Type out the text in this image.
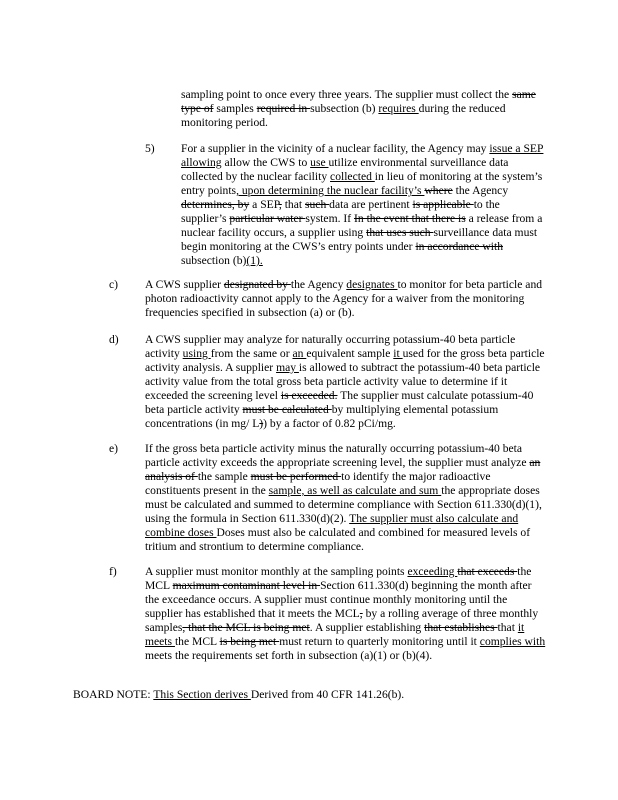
sampling point to once every three years. The supplier must collect the same type of samples required in subsection (b) requires during the reduced monitoring period.

5) For a supplier in the vicinity of a nuclear facility, the Agency may issue a SEP allowing allow the CWS to use utilize environmental surveillance data collected by the nuclear facility collected in lieu of monitoring at the system’s entry points, upon determining the nuclear facility’s where the Agency determines, by a SEP, that such data are pertinent is applicable to the supplier’s particular water system. If In the event that there is a release from a nuclear facility occurs, a supplier using that uses such surveillance data must begin monitoring at the CWS’s entry points under in accordance with subsection (b)(1).

c) A CWS supplier designated by the Agency designates to monitor for beta particle and photon radioactivity cannot apply to the Agency for a waiver from the monitoring frequencies specified in subsection (a) or (b).

d) A CWS supplier may analyze for naturally occurring potassium-40 beta particle activity using from the same or an equivalent sample it used for the gross beta particle activity analysis. A supplier may is allowed to subtract the potassium-40 beta particle activity value from the total gross beta particle activity value to determine if it exceeded the screening level is exceeded. The supplier must calculate potassium-40 beta particle activity must be calculated by multiplying elemental potassium concentrations (in mg/ L)) by a factor of 0.82 pCi/mg.

e) If the gross beta particle activity minus the naturally occurring potassium-40 beta particle activity exceeds the appropriate screening level, the supplier must analyze an analysis of the sample must be performed to identify the major radioactive constituents present in the sample, as well as calculate and sum the appropriate doses must be calculated and summed to determine compliance with Section 611.330(d)(1), using the formula in Section 611.330(d)(2). The supplier must also calculate and combine doses Doses must also be calculated and combined for measured levels of tritium and strontium to determine compliance.

f) A supplier must monitor monthly at the sampling points exceeding that exceeds the MCL maximum contaminant level in Section 611.330(d) beginning the month after the exceedance occurs. A supplier must continue monthly monitoring until the supplier has established that it meets the MCL, by a rolling average of three monthly samples, that the MCL is being met. A supplier establishing that establishes that it meets the MCL is being met must return to quarterly monitoring until it complies with meets the requirements set forth in subsection (a)(1) or (b)(4).

BOARD NOTE: This Section derives Derived from 40 CFR 141.26(b).
